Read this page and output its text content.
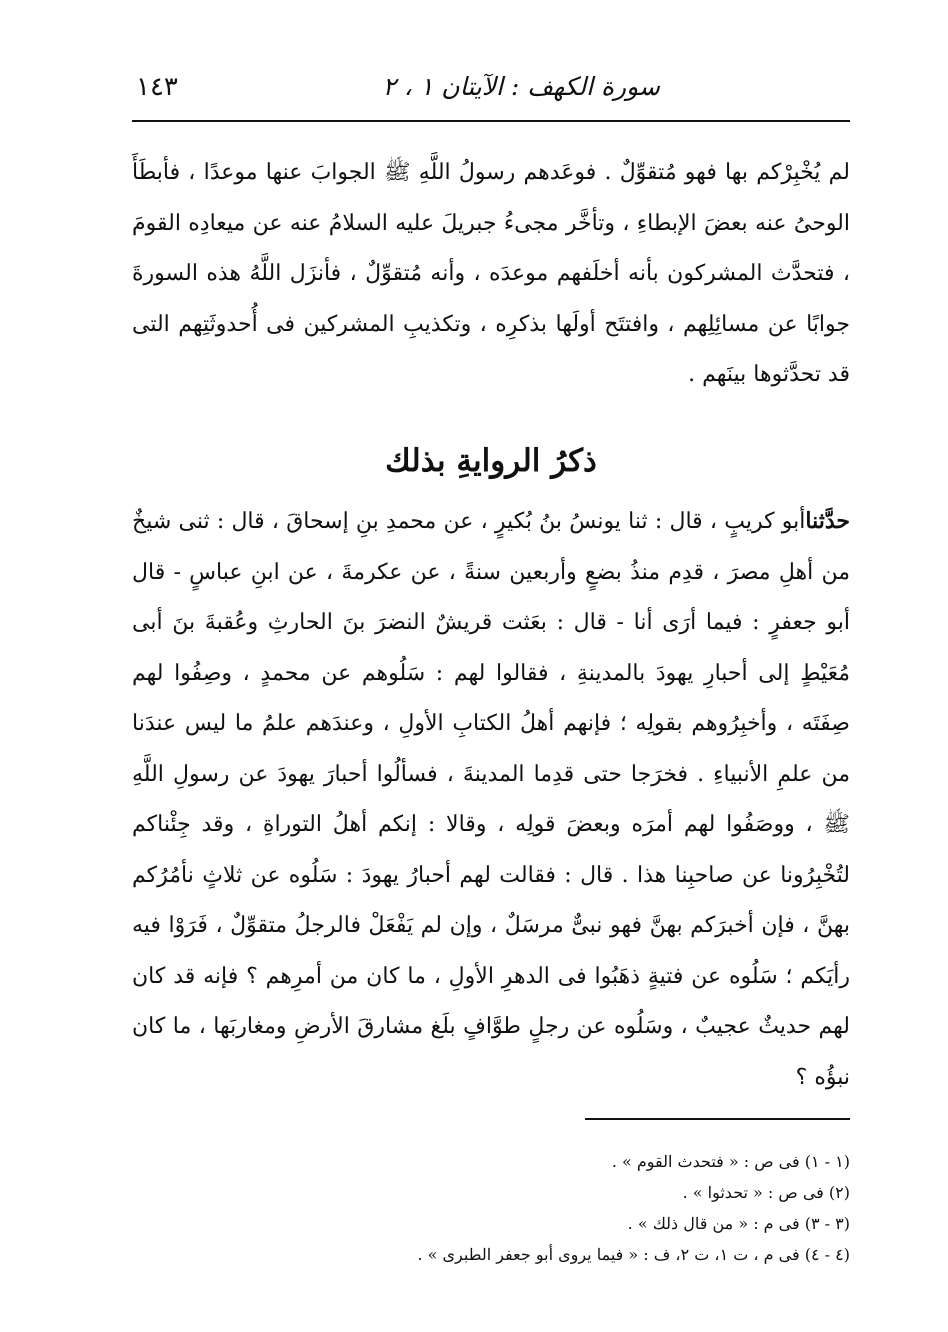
سورة الكهف : الآيتان ١ ، ٢
١٤٣

لم يُخْبِرْكم بها فهو مُتقوِّلٌ . فوعَدهم رسولُ اللَّهِ ﷺ الجوابَ عنها موعدًا ، فأبطَأَ الوحىُ عنه بعضَ الإبطاءِ ، وتأخَّر مجىءُ جبريلَ عليه السلامُ عنه عن ميعادِه القومَ ، فتحدَّث المشركون بأنه أخلَفهم موعدَه ، وأنه مُتقوِّلٌ ، فأنزَل اللَّهُ هذه السورةَ جوابًا عن مسائِلِهم ، وافتتَح أولَها بذكرِه ، وتكذيبِ المشركين فى أُحدوثَتِهم التى قد تحدَّثوها بينَهم .

ذكرُ الروايةِ بذلك

حدَّثناأبو كريبٍ ، قال : ثنا يونسُ بنُ بُكيرٍ ، عن محمدِ بنِ إسحاقَ ، قال : ثنى شيخٌ من أهلِ مصرَ ، قدِم منذُ بضعٍ وأربعين سنةً ، عن عكرمةَ ، عن ابنِ عباسٍ - قال أبو جعفرٍ : فيما أرَى أنا - قال : بعَثت قريشٌ النضرَ بنَ الحارثِ وعُقبةَ بنَ أبى مُعَيْطٍ إلى أحبارِ يهودَ بالمدينةِ ، فقالوا لهم : سَلُوهم عن محمدٍ ، وصِفُوا لهم صِفَتَه ، وأخبِرُوهم بقولِه ؛ فإنهم أهلُ الكتابِ الأولِ ، وعندَهم علمُ ما ليس عندَنا من علمِ الأنبياءِ . فخرَجا حتى قدِما المدينةَ ، فسألُوا أحبارَ يهودَ عن رسولِ اللَّهِ ﷺ ، ووصَفُوا لهم أمرَه وبعضَ قولِه ، وقالا : إنكم أهلُ التوراةِ ، وقد جِئْناكم لتُخْبِرُونا عن صاحبِنا هذا . قال : فقالت لهم أحبارُ يهودَ : سَلُوه عن ثلاثٍ نأمُرُكم بهنَّ ، فإن أخبرَكم بهنَّ فهو نبىٌّ مرسَلٌ ، وإن لم يَفْعَلْ فالرجلُ متقوِّلٌ ، فَرَوْا فيه رأيَكم ؛ سَلُوه عن فتيةٍ ذهَبُوا فى الدهرِ الأولِ ، ما كان من أمرِهم ؟ فإنه قد كان لهم حديثٌ عجيبٌ ، وسَلُوه عن رجلٍ طوَّافٍ بلَغ مشارقَ الأرضِ ومغاربَها ، ما كان نبؤُه ؟

(١ - ١) فى ص : « فتحدث القوم » .
(٢) فى ص : « تحدثوا » .
(٣ - ٣) فى م : « من قال ذلك » .
(٤ - ٤) فى م ، ت ١، ت ٢، ف : « فيما يروى أبو جعفر الطبرى » .
